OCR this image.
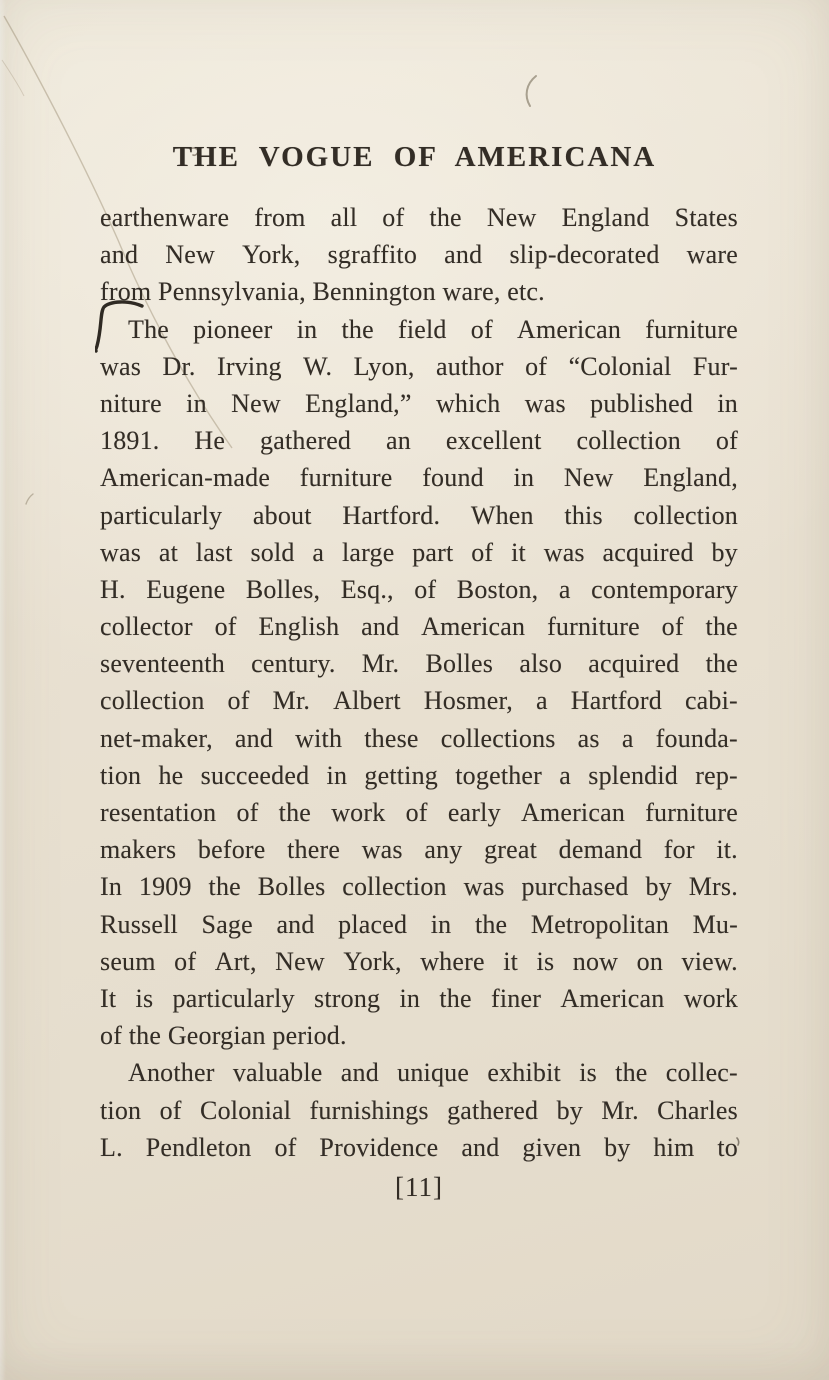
THE VOGUE OF AMERICANA
earthenware from all of the New England States
and New York, sgraffito and slip-decorated ware
from Pennsylvania, Bennington ware, etc.
The pioneer in the field of American furniture
was Dr. Irving W. Lyon, author of “Colonial Fur-
niture in New England,” which was published in
1891. He gathered an excellent collection of
American-made furniture found in New England,
particularly about Hartford. When this collection
was at last sold a large part of it was acquired by
H. Eugene Bolles, Esq., of Boston, a contemporary
collector of English and American furniture of the
seventeenth century. Mr. Bolles also acquired the
collection of Mr. Albert Hosmer, a Hartford cabi-
net-maker, and with these collections as a founda-
tion he succeeded in getting together a splendid rep-
resentation of the work of early American furniture
makers before there was any great demand for it.
In 1909 the Bolles collection was purchased by Mrs.
Russell Sage and placed in the Metropolitan Mu-
seum of Art, New York, where it is now on view.
It is particularly strong in the finer American work
of the Georgian period.
Another valuable and unique exhibit is the collec-
tion of Colonial furnishings gathered by Mr. Charles
L. Pendleton of Providence and given by him to
[11]
